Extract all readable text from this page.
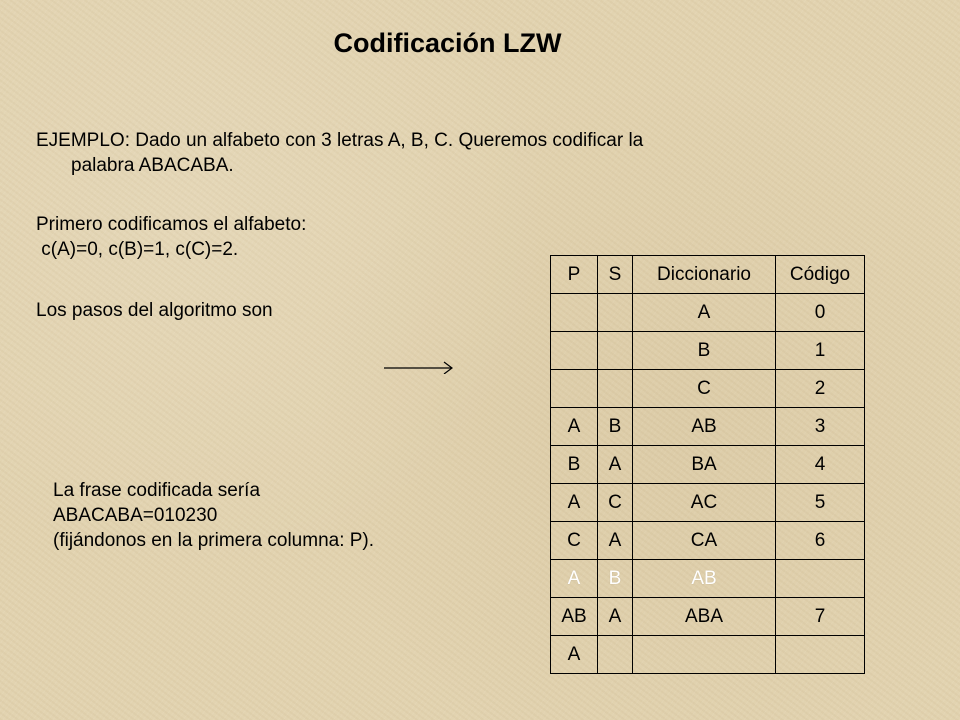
Codificación LZW
EJEMPLO: Dado un alfabeto con 3 letras A, B, C. Queremos codificar la
palabra ABACABA.
Primero codificamos el alfabeto:
c(A)=0, c(B)=1, c(C)=2.
Los pasos del algoritmo son
La frase codificada sería
ABACABA=010230
(fijándonos en la primera columna: P).
P	S	Diccionario	Código
		A	0
		B	1
		C	2
A	B	AB	3
B	A	BA	4
A	C	AC	5
C	A	CA	6
A	B	AB	
AB	A	ABA	7
A			
